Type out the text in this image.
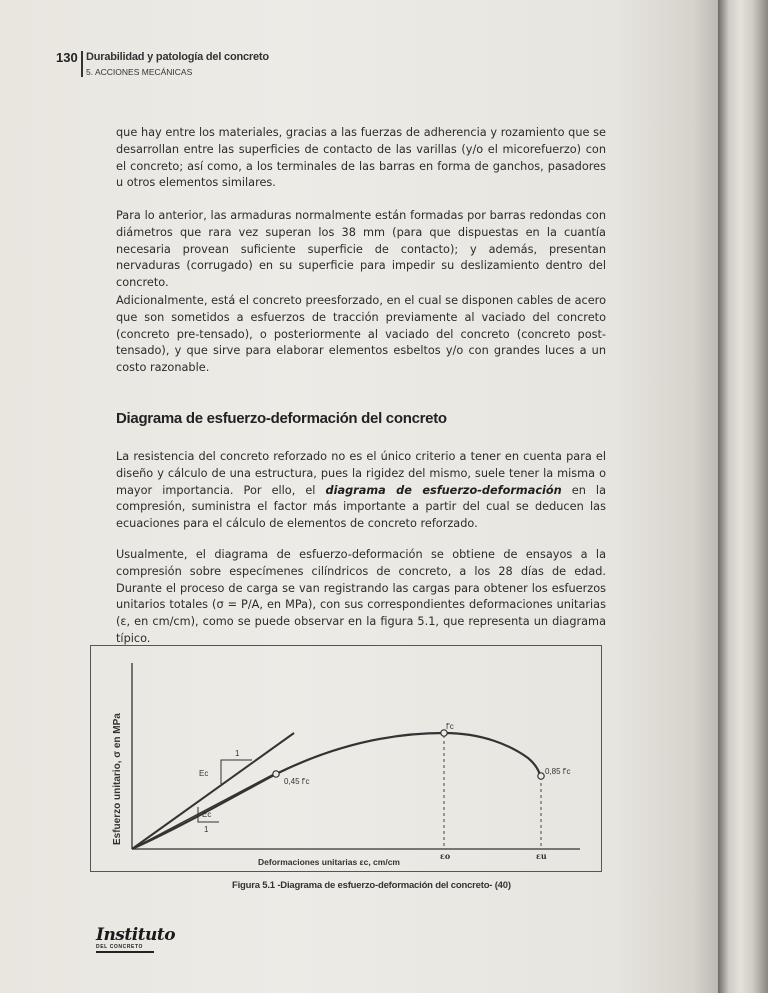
130 Durabilidad y patología del concreto
5. ACCIONES MECÁNICAS

que hay entre los materiales, gracias a las fuerzas de adherencia y rozamiento que se desarrollan entre las superficies de contacto de las varillas (y/o el micorefuerzo) con el concreto; así como, a los terminales de las barras en forma de ganchos, pasadores u otros elementos similares.

Para lo anterior, las armaduras normalmente están formadas por barras redondas con diámetros que rara vez superan los 38 mm (para que dispuestas en la cuantía necesaria provean suficiente superficie de contacto); y además, presentan nervaduras (corrugado) en su superficie para impedir su deslizamiento dentro del concreto.

Adicionalmente, está el concreto preesforzado, en el cual se disponen cables de acero que son sometidos a esfuerzos de tracción previamente al vaciado del concreto (concreto pre-tensado), o posteriormente al vaciado del concreto (concreto post-tensado), y que sirve para elaborar elementos esbeltos y/o con grandes luces a un costo razonable.

Diagrama de esfuerzo-deformación del concreto

La resistencia del concreto reforzado no es el único criterio a tener en cuenta para el diseño y cálculo de una estructura, pues la rigidez del mismo, suele tener la misma o mayor importancia. Por ello, el diagrama de esfuerzo-deformación en la compresión, suministra el factor más importante a partir del cual se deducen las ecuaciones para el cálculo de elementos de concreto reforzado.

Usualmente, el diagrama de esfuerzo-deformación se obtiene de ensayos a la compresión sobre especímenes cilíndricos de concreto, a los 28 días de edad. Durante el proceso de carga se van registrando las cargas para obtener los esfuerzos unitarios totales (σ = P/A, en MPa), con sus correspondientes deformaciones unitarias (ε, en cm/cm), como se puede observar en la figura 5.1, que representa un diagrama típico.

Esfuerzo unitario, σ en MPa
Deformaciones unitarias εc, cm/cm
f'c
0,45 f'c
0,85 f'c
Ec
Ec
1
1
εo	εu
Figura 5.1 -Diagrama de esfuerzo-deformación del concreto- (40)
Instituto
DEL CONCRETO
